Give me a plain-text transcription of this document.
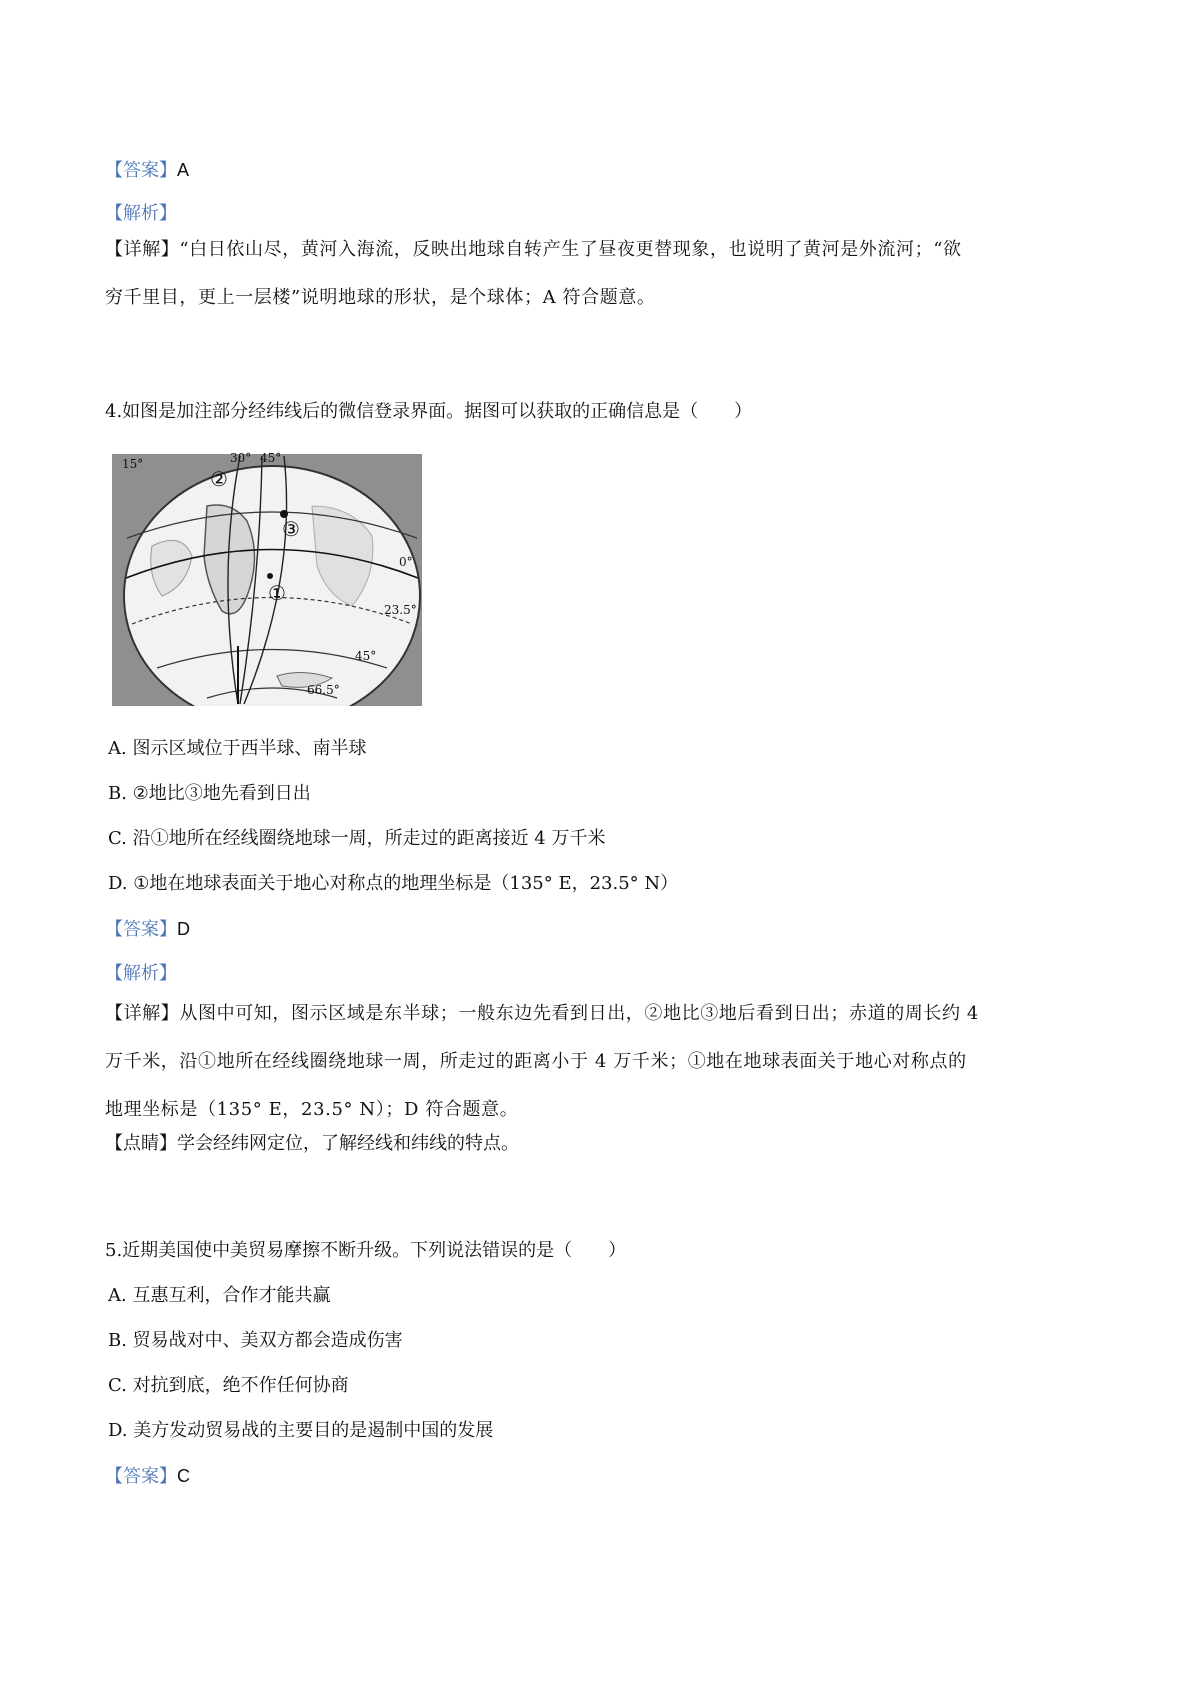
【答案】A
【解析】
【详解】“白日依山尽，黄河入海流，反映出地球自转产生了昼夜更替现象，也说明了黄河是外流河；“欲
穷千里目，更上一层楼”说明地球的形状，是个球体；A 符合题意。
4.如图是加注部分经纬线后的微信登录界面。据图可以获取的正确信息是（　　）
15°	30° 45°
0°
23.5°
45°
66.5°
②
③
①
A. 图示区域位于西半球、南半球
B. ②地比③地先看到日出
C. 沿①地所在经线圈绕地球一周，所走过的距离接近 4 万千米
D. ①地在地球表面关于地心对称点的地理坐标是（135° E，23.5° N）
【答案】D
【解析】
【详解】从图中可知，图示区域是东半球；一般东边先看到日出，②地比③地后看到日出；赤道的周长约 4
万千米，沿①地所在经线圈绕地球一周，所走过的距离小于 4 万千米；①地在地球表面关于地心对称点的
地理坐标是（135° E，23.5° N）；D 符合题意。
【点睛】学会经纬网定位，了解经线和纬线的特点。
5.近期美国使中美贸易摩擦不断升级。下列说法错误的是（　　）
A. 互惠互利，合作才能共赢
B. 贸易战对中、美双方都会造成伤害
C. 对抗到底，绝不作任何协商
D. 美方发动贸易战的主要目的是遏制中国的发展
【答案】C
